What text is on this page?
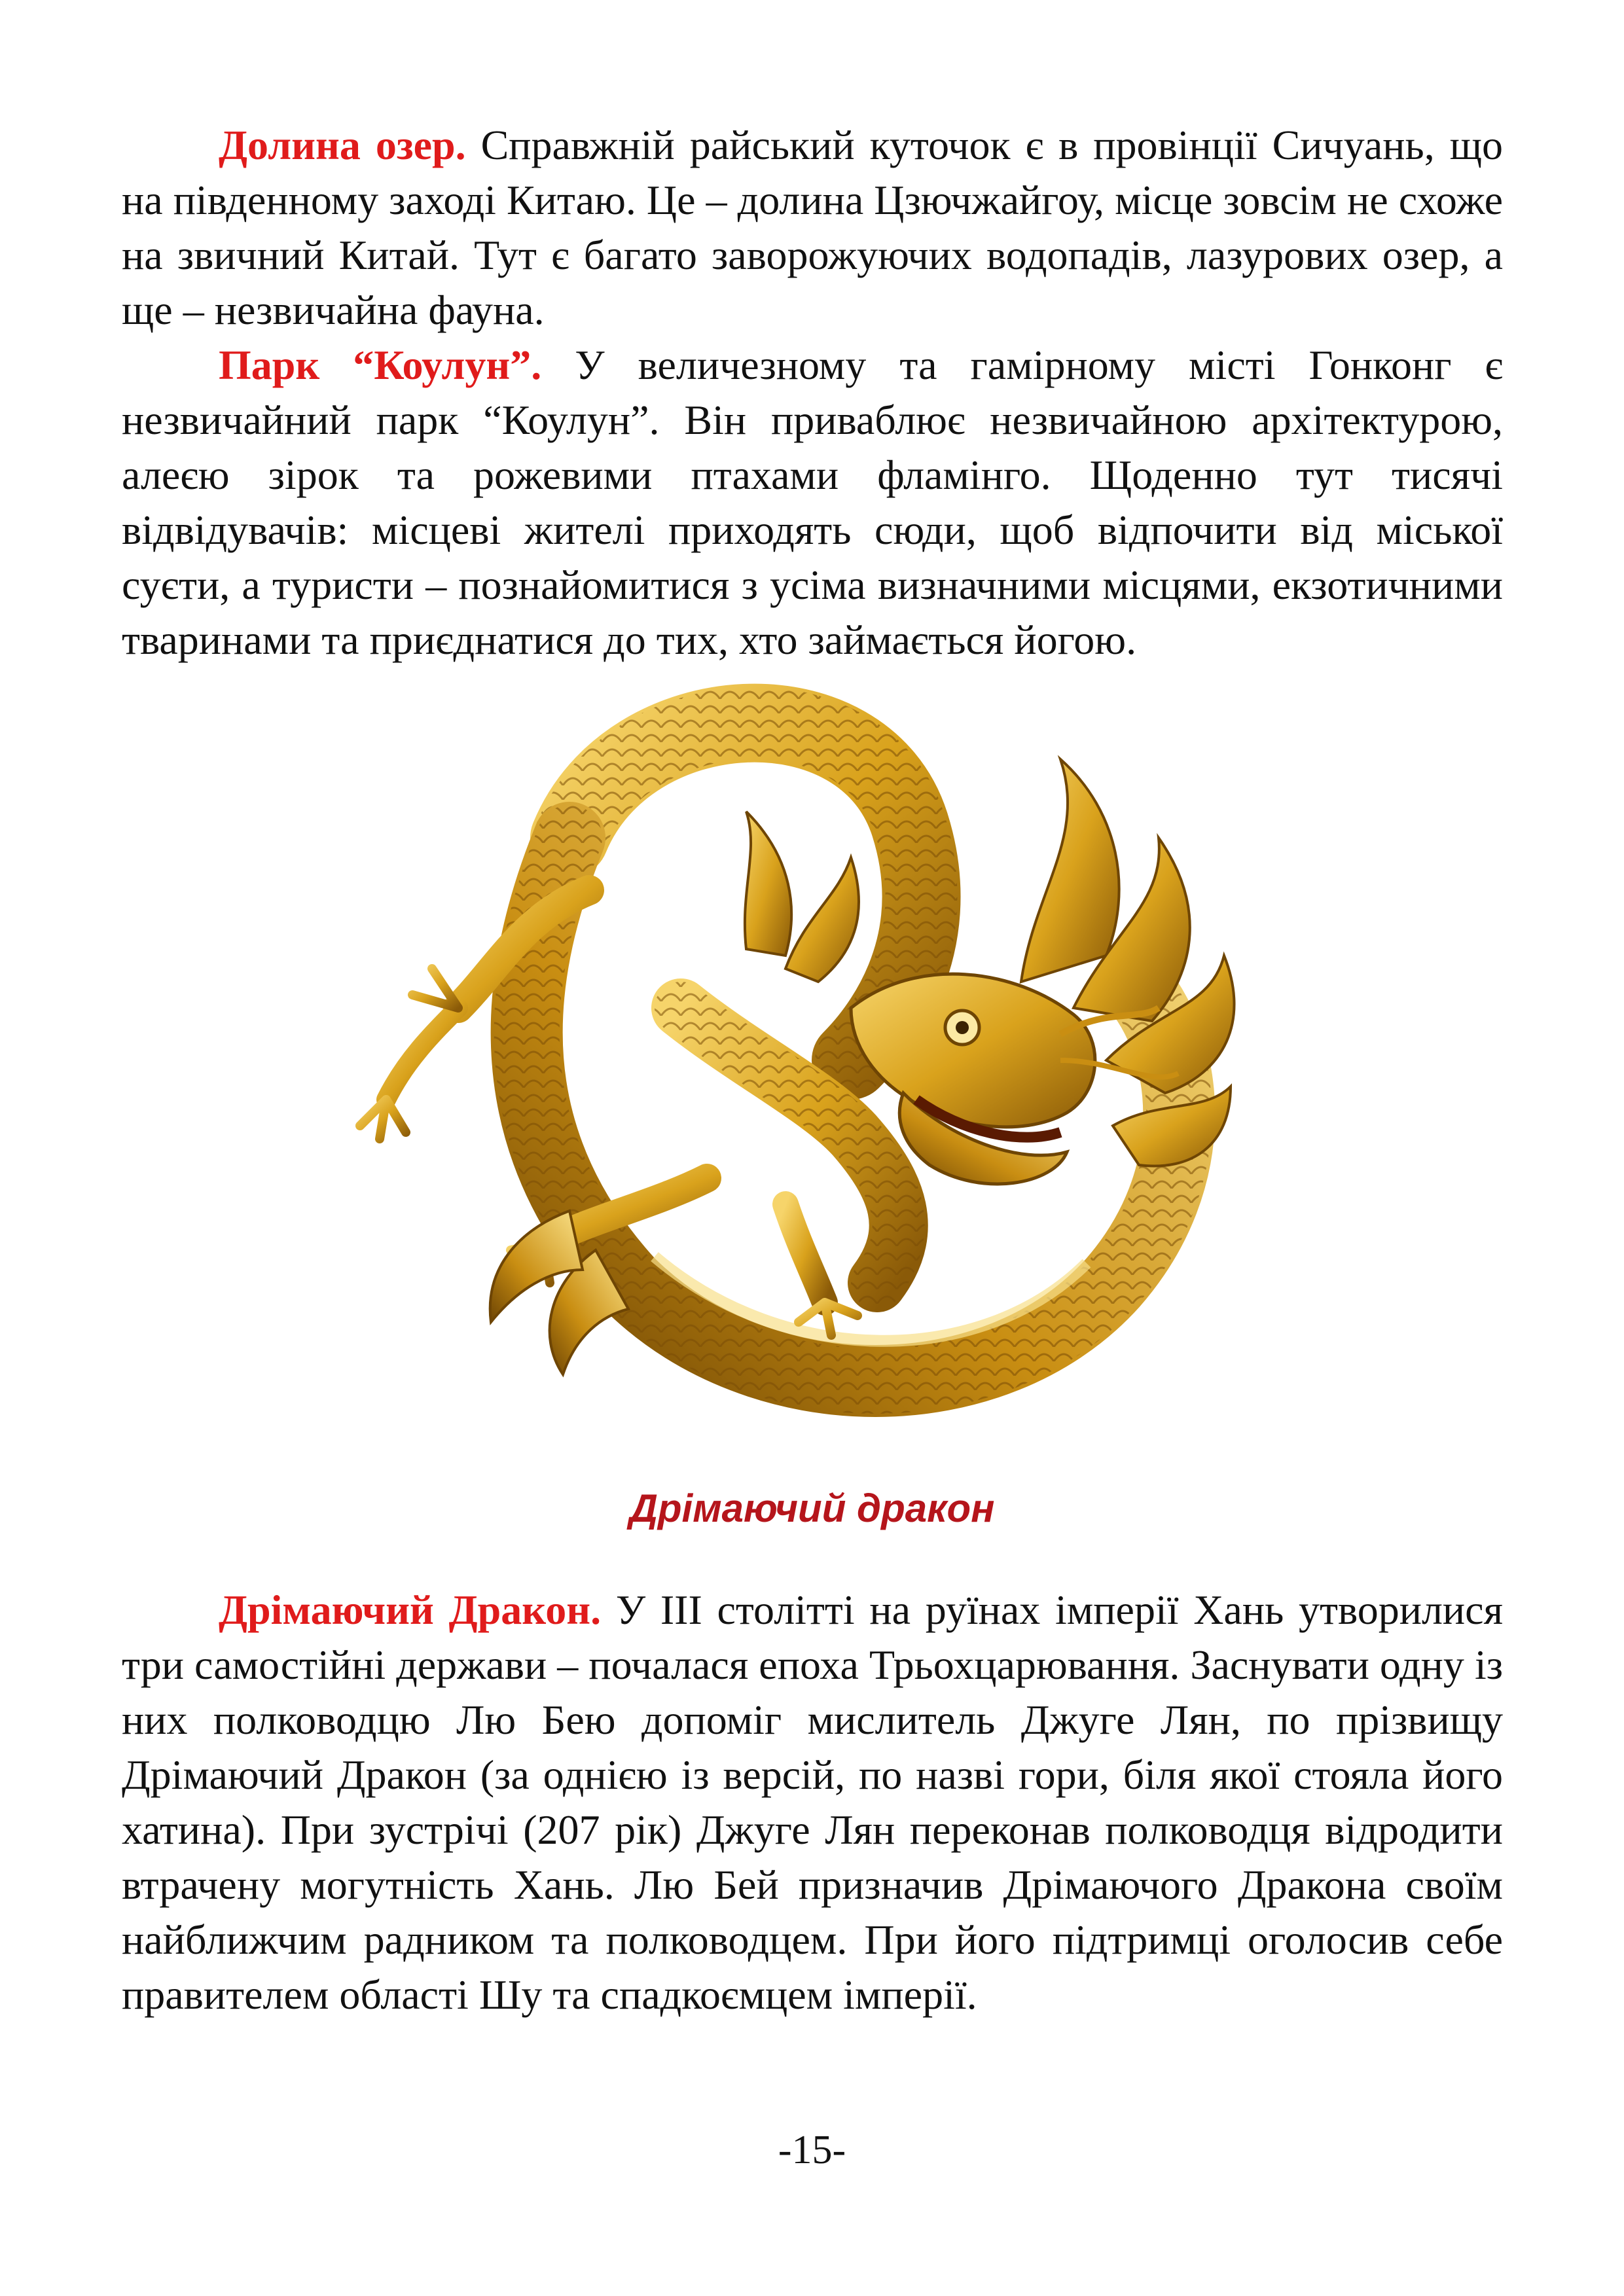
Долина озер. Справжній райський куточок є в провінції Сичуань, що на південному заході Китаю. Це – долина Цзючжайгоу, місце зовсім не схоже на звичний Китай. Тут є багато заворожуючих водопадів, лазурових озер, а ще – незвичайна фауна.

Парк “Коулун”. У величезному та гамірному місті Гонконг є незвичайний парк “Коулун”. Він приваблює незвичайною архітектурою, алеєю зірок та рожевими птахами фламінго. Щоденно тут тисячі відвідувачів: місцеві жителі приходять сюди, щоб відпочити від міської суєти, а туристи – познайомитися з усіма визначними місцями, екзотичними тваринами та приєднатися до тих, хто займається йогою.

Дрімаючий дракон

Дрімаючий Дракон. У ІІІ столітті на руїнах імперії Хань утворилися три самостійні держави – почалася епоха Трьохцарювання. Заснувати одну із них полководцю Лю Бею допоміг мислитель Джуге Лян, по прізвищу Дрімаючий Дракон (за однією із версій, по назві гори, біля якої стояла його хатина). При зустрічі (207 рік) Джуге Лян переконав полководця відродити втрачену могутність Хань. Лю Бей призначив Дрімаючого Дракона своїм найближчим радником та полководцем. При його підтримці оголосив себе правителем області Шу та спадкоємцем імперії.

-15-
